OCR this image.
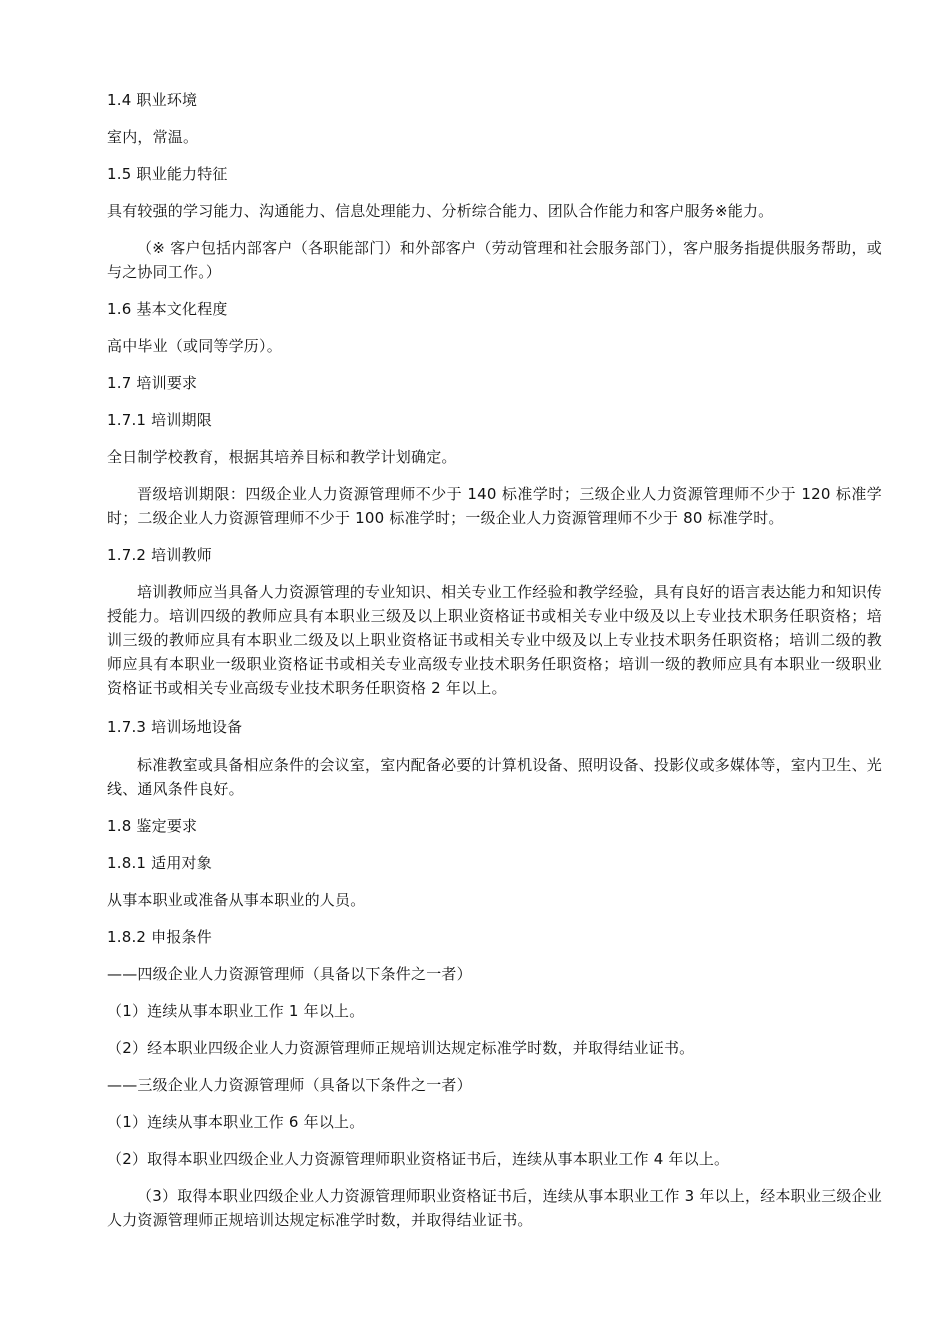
1.4 职业环境
室内，常温。
1.5 职业能力特征
具有较强的学习能力、沟通能力、信息处理能力、分析综合能力、团队合作能力和客户服务※能力。
（※ 客户包括内部客户（各职能部门）和外部客户（劳动管理和社会服务部门），客户服务指提供服务帮助，或与之协同工作。）
1.6 基本文化程度
高中毕业（或同等学历）。
1.7 培训要求
1.7.1 培训期限
全日制学校教育，根据其培养目标和教学计划确定。
晋级培训期限：四级企业人力资源管理师不少于 140 标准学时；三级企业人力资源管理师不少于 120 标准学时；二级企业人力资源管理师不少于 100 标准学时；一级企业人力资源管理师不少于 80 标准学时。
1.7.2 培训教师
培训教师应当具备人力资源管理的专业知识、相关专业工作经验和教学经验，具有良好的语言表达能力和知识传授能力。培训四级的教师应具有本职业三级及以上职业资格证书或相关专业中级及以上专业技术职务任职资格；培训三级的教师应具有本职业二级及以上职业资格证书或相关专业中级及以上专业技术职务任职资格；培训二级的教师应具有本职业一级职业资格证书或相关专业高级专业技术职务任职资格；培训一级的教师应具有本职业一级职业资格证书或相关专业高级专业技术职务任职资格 2 年以上。
1.7.3 培训场地设备
标准教室或具备相应条件的会议室，室内配备必要的计算机设备、照明设备、投影仪或多媒体等，室内卫生、光线、通风条件良好。
1.8 鉴定要求
1.8.1 适用对象
从事本职业或准备从事本职业的人员。
1.8.2 申报条件
——四级企业人力资源管理师（具备以下条件之一者）
（1）连续从事本职业工作 1 年以上。
（2）经本职业四级企业人力资源管理师正规培训达规定标准学时数，并取得结业证书。
——三级企业人力资源管理师（具备以下条件之一者）
（1）连续从事本职业工作 6 年以上。
（2）取得本职业四级企业人力资源管理师职业资格证书后，连续从事本职业工作 4 年以上。
（3）取得本职业四级企业人力资源管理师职业资格证书后，连续从事本职业工作 3 年以上，经本职业三级企业人力资源管理师正规培训达规定标准学时数，并取得结业证书。
